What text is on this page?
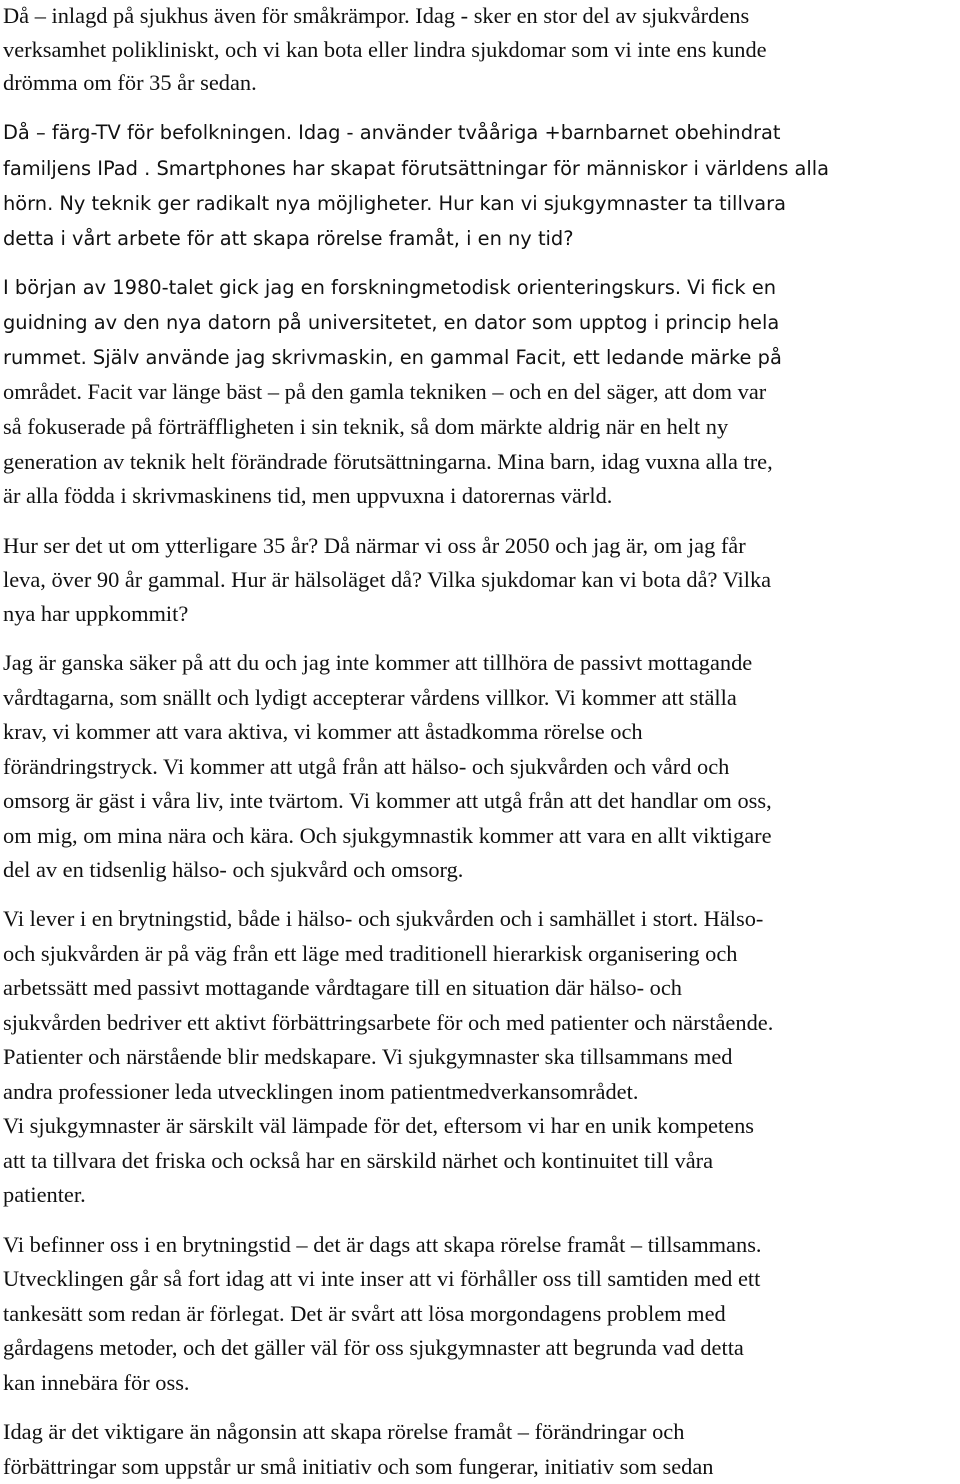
Då – inlagd på sjukhus även för småkrämpor. Idag - sker en stor del av sjukvårdens

verksamhet polikliniskt, och vi kan bota eller lindra sjukdomar som vi inte ens kunde

drömma om för 35 år sedan.

Då – färg-TV för befolkningen. Idag - använder tvååriga +barnbarnet obehindrat

familjens IPad . Smartphones har skapat förutsättningar för människor i världens alla

hörn. Ny teknik ger radikalt nya möjligheter. Hur kan vi sjukgymnaster ta tillvara

detta i vårt arbete för att skapa rörelse framåt, i en ny tid?

I början av 1980-talet gick jag en forskningmetodisk orienteringskurs. Vi fick en

guidning av den nya datorn på universitetet, en dator som upptog i princip hela

rummet. Själv använde jag skrivmaskin, en gammal Facit, ett ledande märke på

området. Facit var länge bäst – på den gamla tekniken – och en del säger, att dom var

så fokuserade på förträffligheten i sin teknik, så dom märkte aldrig när en helt ny

generation av teknik helt förändrade förutsättningarna. Mina barn, idag vuxna alla tre,

är alla födda i skrivmaskinens tid, men uppvuxna i datorernas värld.

Hur ser det ut om ytterligare 35 år? Då närmar vi oss år 2050 och jag är, om jag får

leva, över 90 år gammal. Hur är hälsoläget då? Vilka sjukdomar kan vi bota då? Vilka

nya har uppkommit?

Jag är ganska säker på att du och jag inte kommer att tillhöra de passivt mottagande

vårdtagarna, som snällt och lydigt accepterar vårdens villkor. Vi kommer att ställa

krav, vi kommer att vara aktiva, vi kommer att åstadkomma rörelse och

förändringstryck. Vi kommer att utgå från att hälso- och sjukvården och vård och

omsorg är gäst i våra liv, inte tvärtom. Vi kommer att utgå från att det handlar om oss,

om mig, om mina nära och kära. Och sjukgymnastik kommer att vara en allt viktigare

del av en tidsenlig hälso- och sjukvård och omsorg.

Vi lever i en brytningstid, både i hälso- och sjukvården och i samhället i stort. Hälso-

och sjukvården är på väg från ett läge med traditionell hierarkisk organisering och

arbetssätt med passivt mottagande vårdtagare till en situation där hälso- och

sjukvården bedriver ett aktivt förbättringsarbete för och med patienter och närstående.

Patienter och närstående blir medskapare. Vi sjukgymnaster ska tillsammans med

andra professioner leda utvecklingen inom patientmedverkansområdet.

Vi sjukgymnaster är särskilt väl lämpade för det, eftersom vi har en unik kompetens

att ta tillvara det friska och också har en särskild närhet och kontinuitet till våra

patienter.

Vi befinner oss i en brytningstid – det är dags att skapa rörelse framåt – tillsammans.

Utvecklingen går så fort idag att vi inte inser att vi förhåller oss till samtiden med ett

tankesätt som redan är förlegat. Det är svårt att lösa morgondagens problem med

gårdagens metoder, och det gäller väl för oss sjukgymnaster att begrunda vad detta

kan innebära för oss.

Idag är det viktigare än någonsin att skapa rörelse framåt – förändringar och

förbättringar som uppstår ur små initiativ och som fungerar, initiativ som sedan
